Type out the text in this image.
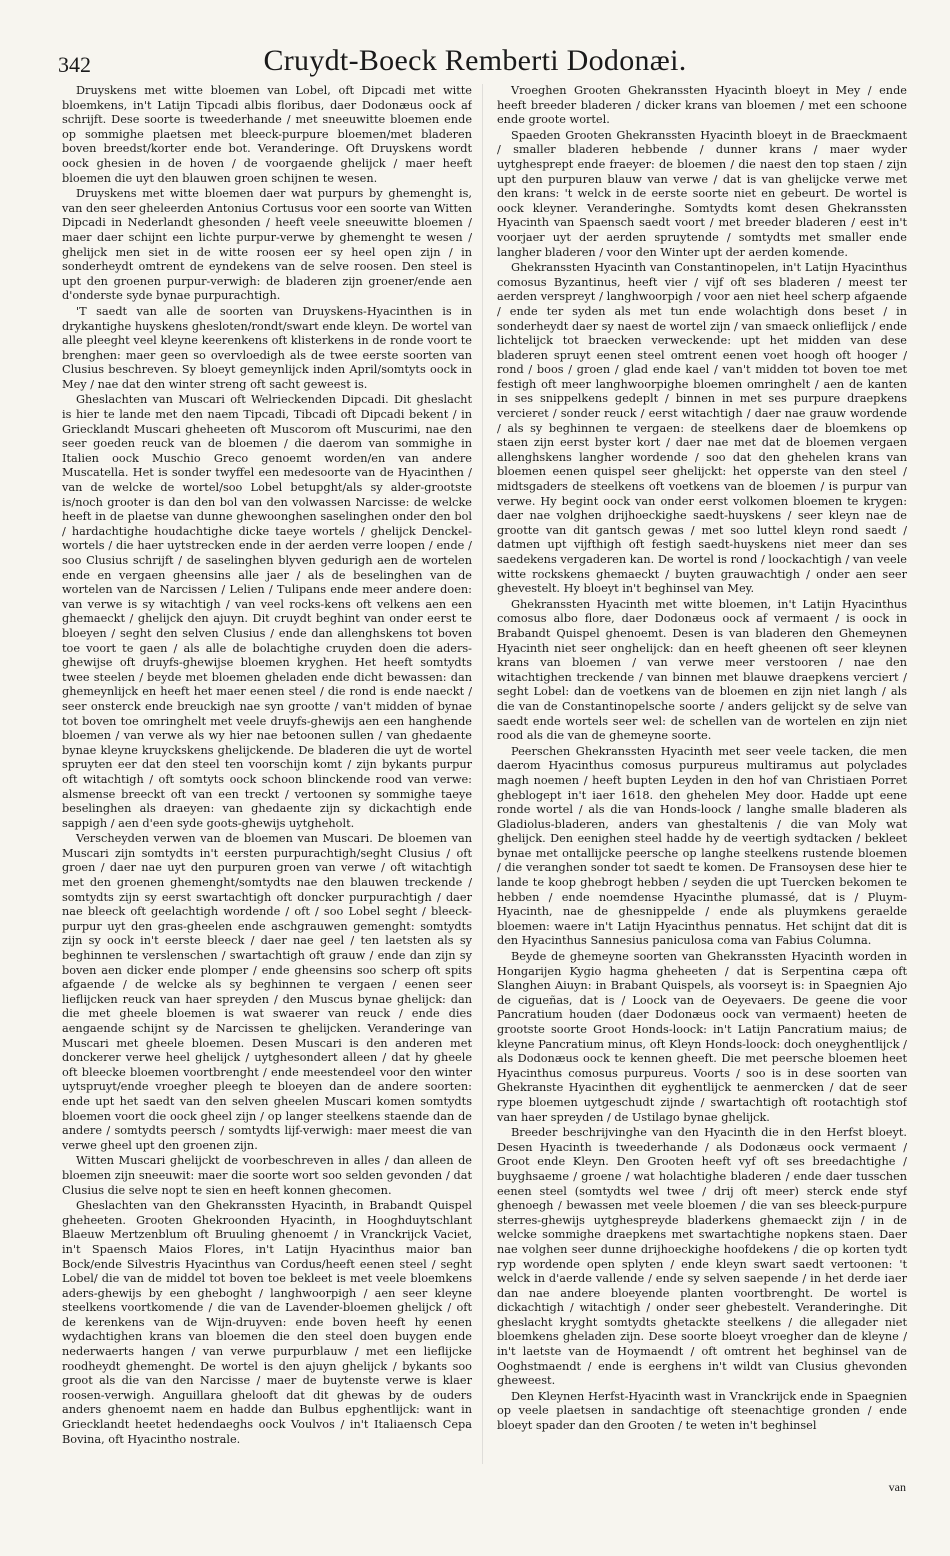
342	Cruydt-Boeck Remberti Dodonæi.

Druyskens met witte bloemen van Lobel, oft Dipcadi met witte bloemkens, in't Latijn Tipcadi albis floribus, daer Dodonæus oock af schrijft. Dese soorte is tweederhande / met sneeuwitte bloemen ende op sommighe plaetsen met bleeck-purpure bloemen/met bladeren boven breedst/korter ende bot. Veranderinge. Oft Druyskens wordt oock ghesien in de hoven / de voorgaende ghelijck / maer heeft bloemen die uyt den blauwen groen schijnen te wesen.

Druyskens met witte bloemen daer wat purpurs by ghemenght is, van den seer gheleerden Antonius Cortusus voor een soorte van Witten Dipcadi in Nederlandt ghesonden / heeft veele sneeuwitte bloemen / maer daer schijnt een lichte purpur-verwe by ghemenght te wesen / ghelijck men siet in de witte roosen eer sy heel open zijn / in sonderheydt omtrent de eyndekens van de selve roosen. Den steel is upt den groenen purpur-verwigh: de bladeren zijn groener/ende aen d'onderste syde bynae purpurachtigh.

'T saedt van alle de soorten van Druyskens-Hyacinthen is in drykantighe huyskens ghesloten/rondt/swart ende kleyn. De wortel van alle pleeght veel kleyne keerenkens oft klisterkens in de ronde voort te brenghen: maer geen so overvloedigh als de twee eerste soorten van Clusius beschreven. Sy bloeyt gemeynlijck inden April/somtyts oock in Mey / nae dat den winter streng oft sacht geweest is.

Gheslachten van Muscari oft Welrieckenden Dipcadi. Dit gheslacht is hier te lande met den naem Tipcadi, Tibcadi oft Dipcadi bekent / in Griecklandt Muscari gheheeten oft Muscorom oft Muscurimi, nae den seer goeden reuck van de bloemen / die daerom van sommighe in Italien oock Muschio Greco genoemt worden/en van andere Muscatella. Het is sonder twyffel een medesoorte van de Hyacinthen / van de welcke de wortel/soo Lobel betupght/als sy alder-grootste is/noch grooter is dan den bol van den volwassen Narcisse: de welcke heeft in de plaetse van dunne ghewoonghen saselinghen onder den bol / hardachtighe houdachtighe dicke taeye wortels / ghelijck Denckel-wortels / die haer uytstrecken ende in der aerden verre loopen / ende / soo Clusius schrijft / de saselinghen blyven gedurigh aen de wortelen ende en vergaen gheensins alle jaer / als de beselinghen van de wortelen van de Narcissen / Lelien / Tulipans ende meer andere doen: van verwe is sy witachtigh / van veel rocks-kens oft velkens aen een ghemaeckt / ghelijck den ajuyn. Dit cruydt beghint van onder eerst te bloeyen / seght den selven Clusius / ende dan allenghskens tot boven toe voort te gaen / als alle de bolachtighe cruyden doen die aders-ghewijse oft druyfs-ghewijse bloemen kryghen. Het heeft somtydts twee steelen / beyde met bloemen gheladen ende dicht bewassen: dan ghemeynlijck en heeft het maer eenen steel / die rond is ende naeckt / seer onsterck ende breuckigh nae syn grootte / van't midden of bynae tot boven toe omringhelt met veele druyfs-ghewijs aen een hanghende bloemen / van verwe als wy hier nae betoonen sullen / van ghedaente bynae kleyne kruyckskens ghelijckende. De bladeren die uyt de wortel spruyten eer dat den steel ten voorschijn komt / zijn bykants purpur oft witachtigh / oft somtyts oock schoon blinckende rood van verwe: alsmense breeckt oft van een treckt / vertoonen sy sommighe taeye beselinghen als draeyen: van ghedaente zijn sy dickachtigh ende sappigh / aen d'een syde goots-ghewijs uytgheholt.

Verscheyden verwen van de bloemen van Muscari. De bloemen van Muscari zijn somtydts in't eersten purpurachtigh/seght Clusius / oft groen / daer nae uyt den purpuren groen van verwe / oft witachtigh met den groenen ghemenght/somtydts nae den blauwen treckende / somtydts zijn sy eerst swartachtigh oft doncker purpurachtigh / daer nae bleeck oft geelachtigh wordende / oft / soo Lobel seght / bleeck-purpur uyt den gras-gheelen ende aschgrauwen gemenght: somtydts zijn sy oock in't eerste bleeck / daer nae geel / ten laetsten als sy beghinnen te verslenschen / swartachtigh oft grauw / ende dan zijn sy boven aen dicker ende plomper / ende gheensins soo scherp oft spits afgaende / de welcke als sy beghinnen te vergaen / eenen seer lieflijcken reuck van haer spreyden / den Muscus bynae ghelijck: dan die met gheele bloemen is wat swaerer van reuck / ende dies aengaende schijnt sy de Narcissen te ghelijcken. Veranderinge van Muscari met gheele bloemen. Desen Muscari is den anderen met donckerer verwe heel ghelijck / uytghesondert alleen / dat hy gheele oft bleecke bloemen voortbrenght / ende meestendeel voor den winter uytspruyt/ende vroegher pleegh te bloeyen dan de andere soorten: ende upt het saedt van den selven gheelen Muscari komen somtydts bloemen voort die oock gheel zijn / op langer steelkens staende dan de andere / somtydts peersch / somtydts lijf-verwigh: maer meest die van verwe gheel upt den groenen zijn.

Witten Muscari ghelijckt de voorbeschreven in alles / dan alleen de bloemen zijn sneeuwit: maer die soorte wort soo selden gevonden / dat Clusius die selve nopt te sien en heeft konnen ghecomen.

Gheslachten van den Ghekranssten Hyacinth, in Brabandt Quispel gheheeten. Grooten Ghekroonden Hyacinth, in Hooghduytschlant Blaeuw Mertzenblum oft Bruuling ghenoemt / in Vranckrijck Vaciet, in't Spaensch Maios Flores, in't Latijn Hyacinthus maior ban Bock/ende Silvestris Hyacinthus van Cordus/heeft eenen steel / seght Lobel/ die van de middel tot boven toe bekleet is met veele bloemkens aders-ghewijs by een gheboght / langhwoorpigh / aen seer kleyne steelkens voortkomende / die van de Lavender-bloemen ghelijck / oft de kerenkens van de Wijn-druyven: ende boven heeft hy eenen wydachtighen krans van bloemen die den steel doen buygen ende nederwaerts hangen / van verwe purpurblauw / met een lieflijcke roodheydt ghemenght. De wortel is den ajuyn ghelijck / bykants soo groot als die van den Narcisse / maer de buytenste verwe is klaer roosen-verwigh. Anguillara ghelooft dat dit ghewas by de ouders anders ghenoemt naem en hadde dan Bulbus epghentlijck: want in Griecklandt heetet hedendaeghs oock Voulvos / in't Italiaensch Cepa Bovina, oft Hyacintho nostrale.

Vroeghen Grooten Ghekranssten Hyacinth bloeyt in Mey / ende heeft breeder bladeren / dicker krans van bloemen / met een schoone ende groote wortel.

Spaeden Grooten Ghekranssten Hyacinth bloeyt in de Braeckmaent / smaller bladeren hebbende / dunner krans / maer wyder uytghesprept ende fraeyer: de bloemen / die naest den top staen / zijn upt den purpuren blauw van verwe / dat is van ghelijcke verwe met den krans: 't welck in de eerste soorte niet en gebeurt. De wortel is oock kleyner. Veranderinghe. Somtydts komt desen Ghekranssten Hyacinth van Spaensch saedt voort / met breeder bladeren / eest in't voorjaer uyt der aerden spruytende / somtydts met smaller ende langher bladeren / voor den Winter upt der aerden komende.

Ghekranssten Hyacinth van Constantinopelen, in't Latijn Hyacinthus comosus Byzantinus, heeft vier / vijf oft ses bladeren / meest ter aerden verspreyt / langhwoorpigh / voor aen niet heel scherp afgaende / ende ter syden als met tun ende wolachtigh dons beset / in sonderheydt daer sy naest de wortel zijn / van smaeck onlieflijck / ende lichtelijck tot braecken verweckende: upt het midden van dese bladeren spruyt eenen steel omtrent eenen voet hoogh oft hooger / rond / boos / groen / glad ende kael / van't midden tot boven toe met festigh oft meer langhwoorpighe bloemen omringhelt / aen de kanten in ses snippelkens gedeplt / binnen in met ses purpure draepkens vercieret / sonder reuck / eerst witachtigh / daer nae grauw wordende / als sy beghinnen te vergaen: de steelkens daer de bloemkens op staen zijn eerst byster kort / daer nae met dat de bloemen vergaen allenghskens langher wordende / soo dat den ghehelen krans van bloemen eenen quispel seer ghelijckt: het opperste van den steel / midtsgaders de steelkens oft voetkens van de bloemen / is purpur van verwe. Hy begint oock van onder eerst volkomen bloemen te krygen: daer nae volghen drijhoeckighe saedt-huyskens / seer kleyn nae de grootte van dit gantsch gewas / met soo luttel kleyn rond saedt / datmen upt vijfthigh oft festigh saedt-huyskens niet meer dan ses saedekens vergaderen kan. De wortel is rond / loockachtigh / van veele witte rockskens ghemaeckt / buyten grauwachtigh / onder aen seer ghevestelt. Hy bloeyt in't beghinsel van Mey.

Ghekranssten Hyacinth met witte bloemen, in't Latijn Hyacinthus comosus albo flore, daer Dodonæus oock af vermaent / is oock in Brabandt Quispel ghenoemt. Desen is van bladeren den Ghemeynen Hyacinth niet seer onghelijck: dan en heeft gheenen oft seer kleynen krans van bloemen / van verwe meer verstooren / nae den witachtighen treckende / van binnen met blauwe draepkens verciert / seght Lobel: dan de voetkens van de bloemen en zijn niet langh / als die van de Constantinopelsche soorte / anders gelijckt sy de selve van saedt ende wortels seer wel: de schellen van de wortelen en zijn niet rood als die van de ghemeyne soorte.

Peerschen Ghekranssten Hyacinth met seer veele tacken, die men daerom Hyacinthus comosus purpureus multiramus aut polyclades magh noemen / heeft bupten Leyden in den hof van Christiaen Porret gheblogept in't iaer 1618. den ghehelen Mey door. Hadde upt eene ronde wortel / als die van Honds-loock / langhe smalle bladeren als Gladiolus-bladeren, anders van ghestaltenis / die van Moly wat ghelijck. Den eenighen steel hadde hy de veertigh sydtacken / bekleet bynae met ontallijcke peersche op langhe steelkens rustende bloemen / die veranghen sonder tot saedt te komen. De Fransoysen dese hier te lande te koop ghebrogt hebben / seyden die upt Tuercken bekomen te hebben / ende noemdense Hyacinthe plumassé, dat is / Pluym-Hyacinth, nae de ghesnippelde / ende als pluymkens geraelde bloemen: waere in't Latijn Hyacinthus pennatus. Het schijnt dat dit is den Hyacinthus Sannesius paniculosa coma van Fabius Columna.

Beyde de ghemeyne soorten van Ghekranssten Hyacinth worden in Hongarijen Kygio hagma gheheeten / dat is Serpentina cæpa oft Slanghen Aiuyn: in Brabant Quispels, als voorseyt is: in Spaegnien Ajo de cigueñas, dat is / Loock van de Oeyevaers. De geene die voor Pancratium houden (daer Dodonæus oock van vermaent) heeten de grootste soorte Groot Honds-loock: in't Latijn Pancratium maius; de kleyne Pancratium minus, oft Kleyn Honds-loock: doch oneyghentlijck / als Dodonæus oock te kennen gheeft. Die met peersche bloemen heet Hyacinthus comosus purpureus. Voorts / soo is in dese soorten van Ghekranste Hyacinthen dit eyghentlijck te aenmercken / dat de seer rype bloemen uytgeschudt zijnde / swartachtigh oft rootachtigh stof van haer spreyden / de Ustilago bynae ghelijck.

Breeder beschrijvinghe van den Hyacinth die in den Herfst bloeyt. Desen Hyacinth is tweederhande / als Dodonæus oock vermaent / Groot ende Kleyn. Den Grooten heeft vyf oft ses breedachtighe / buyghsaeme / groene / wat holachtighe bladeren / ende daer tusschen eenen steel (somtydts wel twee / drij oft meer) sterck ende styf ghenoegh / bewassen met veele bloemen / die van ses bleeck-purpure sterres-ghewijs uytghespreyde bladerkens ghemaeckt zijn / in de welcke sommighe draepkens met swartachtighe nopkens staen. Daer nae volghen seer dunne drijhoeckighe hoofdekens / die op korten tydt ryp wordende open splyten / ende kleyn swart saedt vertoonen: 't welck in d'aerde vallende / ende sy selven saepende / in het derde iaer dan nae andere bloeyende planten voortbrenght. De wortel is dickachtigh / witachtigh / onder seer ghebestelt. Veranderinghe. Dit gheslacht kryght somtydts ghetackte steelkens / die allegader niet bloemkens gheladen zijn. Dese soorte bloeyt vroegher dan de kleyne / in't laetste van de Hoymaendt / oft omtrent het beghinsel van de Ooghstmaendt / ende is eerghens in't wildt van Clusius ghevonden gheweest.

Den Kleynen Herfst-Hyacinth wast in Vranckrijck ende in Spaegnien op veele plaetsen in sandachtige oft steenachtige gronden / ende bloeyt spader dan den Grooten / te weten in't beghinsel

van
